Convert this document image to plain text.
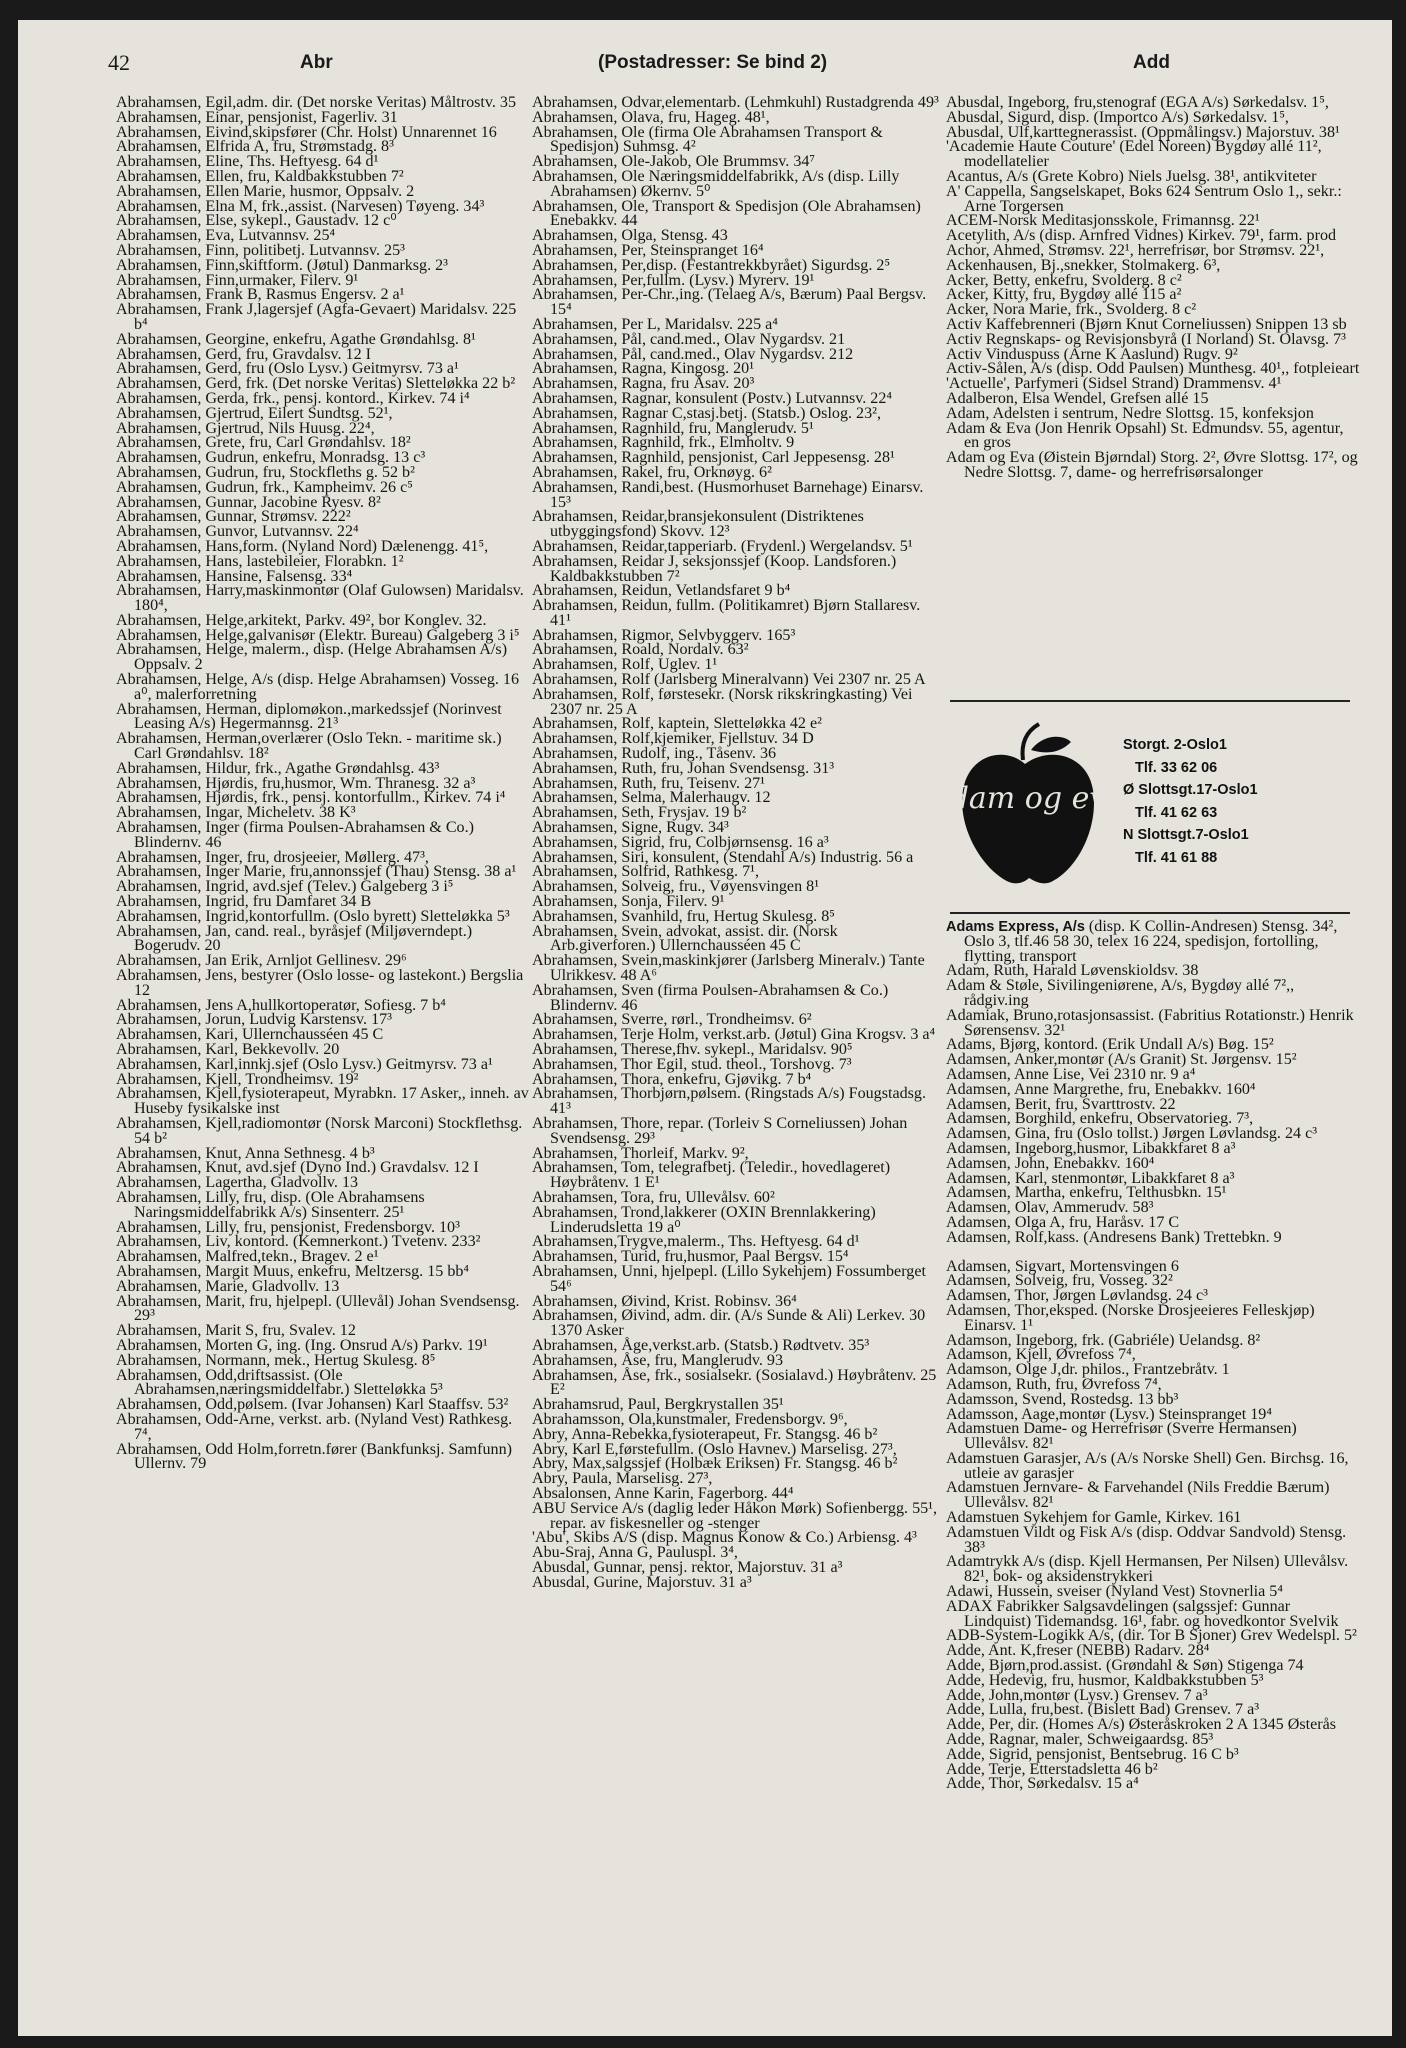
42	Abr	(Postadresser: Se bind 2)	Add

Abrahamsen, Egil,adm. dir. (Det norske Veritas) Måltrostv. 35

Abrahamsen, Einar, pensjonist, Fagerliv. 31

Abrahamsen, Eivind,skipsfører (Chr. Holst) Unnarennet 16

Abrahamsen, Elfrida A, fru, Strømstadg. 8³

Abrahamsen, Eline, Ths. Heftyesg. 64 d¹

Abrahamsen, Ellen, fru, Kaldbakkstubben 7²

Abrahamsen, Ellen Marie, husmor, Oppsalv. 2

Abrahamsen, Elna M, frk.,assist. (Narvesen) Tøyeng. 34³

Abrahamsen, Else, sykepl., Gaustadv. 12 c⁰

Abrahamsen, Eva, Lutvannsv. 25⁴

Abrahamsen, Finn, politibetj. Lutvannsv. 25³

Abrahamsen, Finn,skiftform. (Jøtul) Danmarksg. 2³

Abrahamsen, Finn,urmaker, Filerv. 9¹

Abrahamsen, Frank B, Rasmus Engersv. 2 a¹

Abrahamsen, Frank J,lagersjef (Agfa-Gevaert) Maridalsv. 225 b⁴

Abrahamsen, Georgine, enkefru, Agathe Grøndahlsg. 8¹

Abrahamsen, Gerd, fru, Gravdalsv. 12 I

Abrahamsen, Gerd, fru (Oslo Lysv.) Geitmyrsv. 73 a¹

Abrahamsen, Gerd, frk. (Det norske Veritas) Sletteløkka 22 b²

Abrahamsen, Gerda, frk., pensj. kontord., Kirkev. 74 i⁴

Abrahamsen, Gjertrud, Eilert Sundtsg. 52¹,

Abrahamsen, Gjertrud, Nils Huusg. 22⁴,

Abrahamsen, Grete, fru, Carl Grøndahlsv. 18²

Abrahamsen, Gudrun, enkefru, Monradsg. 13 c³

Abrahamsen, Gudrun, fru, Stockfleths g. 52 b²

Abrahamsen, Gudrun, frk., Kampheimv. 26 c⁵

Abrahamsen, Gunnar, Jacobine Ryesv. 8²

Abrahamsen, Gunnar, Strømsv. 222²

Abrahamsen, Gunvor, Lutvannsv. 22⁴

Abrahamsen, Hans,form. (Nyland Nord) Dælenengg. 41⁵,

Abrahamsen, Hans, lastebileier, Florabkn. 1²

Abrahamsen, Hansine, Falsensg. 33⁴

Abrahamsen, Harry,maskinmontør (Olaf Gulowsen) Maridalsv. 180⁴,

Abrahamsen, Helge,arkitekt, Parkv. 49², bor Konglev. 32.

Abrahamsen, Helge,galvanisør (Elektr. Bureau) Galgeberg 3 i⁵

Abrahamsen, Helge, malerm., disp. (Helge Abrahamsen A/s) Oppsalv. 2

Abrahamsen, Helge, A/s (disp. Helge Abrahamsen) Vosseg. 16 a⁰, malerforretning

Abrahamsen, Herman, diplomøkon.,markedssjef (Norinvest Leasing A/s) Hegermannsg. 21³

Abrahamsen, Herman,overlærer (Oslo Tekn. - maritime sk.) Carl Grøndahlsv. 18²

Abrahamsen, Hildur, frk., Agathe Grøndahlsg. 43³

Abrahamsen, Hjørdis, fru,husmor, Wm. Thranesg. 32 a³

Abrahamsen, Hjørdis, frk., pensj. kontorfullm., Kirkev. 74 i⁴

Abrahamsen, Ingar, Micheletv. 38 K³

Abrahamsen, Inger (firma Poulsen-Abrahamsen & Co.) Blindernv. 46

Abrahamsen, Inger, fru, drosjeeier, Møllerg. 47³,

Abrahamsen, Inger Marie, fru,annonssjef (Thau) Stensg. 38 a¹

Abrahamsen, Ingrid, avd.sjef (Telev.) Galgeberg 3 i⁵

Abrahamsen, Ingrid, fru Damfaret 34 B

Abrahamsen, Ingrid,kontorfullm. (Oslo byrett) Sletteløkka 5³

Abrahamsen, Jan, cand. real., byråsjef (Miljøverndept.) Bogerudv. 20

Abrahamsen, Jan Erik, Arnljot Gellinesv. 29⁶

Abrahamsen, Jens, bestyrer (Oslo losse- og lastekont.) Bergslia 12

Abrahamsen, Jens A,hullkortoperatør, Sofiesg. 7 b⁴

Abrahamsen, Jorun, Ludvig Karstensv. 17³

Abrahamsen, Kari, Ullernchausséen 45 C

Abrahamsen, Karl, Bekkevollv. 20

Abrahamsen, Karl,innkj.sjef (Oslo Lysv.) Geitmyrsv. 73 a¹

Abrahamsen, Kjell, Trondheimsv. 19²

Abrahamsen, Kjell,fysioterapeut, Myrabkn. 17 Asker,, inneh. av Huseby fysikalske inst

Abrahamsen, Kjell,radiomontør (Norsk Marconi) Stockflethsg. 54 b²

Abrahamsen, Knut, Anna Sethnesg. 4 b³

Abrahamsen, Knut, avd.sjef (Dyno Ind.) Gravdalsv. 12 I

Abrahamsen, Lagertha, Gladvollv. 13

Abrahamsen, Lilly, fru, disp. (Ole Abrahamsens Naringsmiddelfabrikk A/s) Sinsenterr. 25¹

Abrahamsen, Lilly, fru, pensjonist, Fredensborgv. 10³

Abrahamsen, Liv, kontord. (Kemnerkont.) Tvetenv. 233²

Abrahamsen, Malfred,tekn., Bragev. 2 e¹

Abrahamsen, Margit Muus, enkefru, Meltzersg. 15 bb⁴

Abrahamsen, Marie, Gladvollv. 13

Abrahamsen, Marit, fru, hjelpepl. (Ullevål) Johan Svendsensg. 29³

Abrahamsen, Marit S, fru, Svalev. 12

Abrahamsen, Morten G, ing. (Ing. Onsrud A/s) Parkv. 19¹

Abrahamsen, Normann, mek., Hertug Skulesg. 8⁵

Abrahamsen, Odd,driftsassist. (Ole Abrahamsen,næringsmiddelfabr.) Sletteløkka 5³

Abrahamsen, Odd,pølsem. (Ivar Johansen) Karl Staaffsv. 53²

Abrahamsen, Odd-Arne, verkst. arb. (Nyland Vest) Rathkesg. 7⁴,

Abrahamsen, Odd Holm,forretn.fører (Bankfunksj. Samfunn) Ullernv. 79

Abrahamsen, Odvar,elementarb. (Lehmkuhl) Rustadgrenda 49³

Abrahamsen, Olava, fru, Hageg. 48¹,

Abrahamsen, Ole (firma Ole Abrahamsen Transport & Spedisjon) Suhmsg. 4²

Abrahamsen, Ole-Jakob, Ole Brummsv. 34⁷

Abrahamsen, Ole Næringsmiddelfabrikk, A/s (disp. Lilly Abrahamsen) Økernv. 5⁰

Abrahamsen, Ole, Transport & Spedisjon (Ole Abrahamsen) Enebakkv. 44

Abrahamsen, Olga, Stensg. 43

Abrahamsen, Per, Steinspranget 16⁴

Abrahamsen, Per,disp. (Festantrekkbyrået) Sigurdsg. 2⁵

Abrahamsen, Per,fullm. (Lysv.) Myrerv. 19¹

Abrahamsen, Per-Chr.,ing. (Telaeg A/s, Bærum) Paal Bergsv. 15⁴

Abrahamsen, Per L, Maridalsv. 225 a⁴

Abrahamsen, Pål, cand.med., Olav Nygardsv. 21

Abrahamsen, Pål, cand.med., Olav Nygardsv. 212

Abrahamsen, Ragna, Kingosg. 20¹

Abrahamsen, Ragna, fru Åsav. 20³

Abrahamsen, Ragnar, konsulent (Postv.) Lutvannsv. 22⁴

Abrahamsen, Ragnar C,stasj.betj. (Statsb.) Oslog. 23²,

Abrahamsen, Ragnhild, fru, Manglerudv. 5¹

Abrahamsen, Ragnhild, frk., Elmholtv. 9

Abrahamsen, Ragnhild, pensjonist, Carl Jeppesensg. 28¹

Abrahamsen, Rakel, fru, Orknøyg. 6²

Abrahamsen, Randi,best. (Husmorhuset Barnehage) Einarsv. 15³

Abrahamsen, Reidar,bransjekonsulent (Distriktenes utbyggingsfond) Skovv. 12³

Abrahamsen, Reidar,tapperiarb. (Frydenl.) Wergelandsv. 5¹

Abrahamsen, Reidar J, seksjonssjef (Koop. Landsforen.) Kaldbakkstubben 7²

Abrahamsen, Reidun, Vetlandsfaret 9 b⁴

Abrahamsen, Reidun, fullm. (Politikamret) Bjørn Stallaresv. 41¹

Abrahamsen, Rigmor, Selvbyggerv. 165³

Abrahamsen, Roald, Nordalv. 63²

Abrahamsen, Rolf, Uglev. 1¹

Abrahamsen, Rolf (Jarlsberg Mineralvann) Vei 2307 nr. 25 A

Abrahamsen, Rolf, førstesekr. (Norsk rikskringkasting) Vei 2307 nr. 25 A

Abrahamsen, Rolf, kaptein, Sletteløkka 42 e²

Abrahamsen, Rolf,kjemiker, Fjellstuv. 34 D

Abrahamsen, Rudolf, ing., Tåsenv. 36

Abrahamsen, Ruth, fru, Johan Svendsensg. 31³

Abrahamsen, Ruth, fru, Teisenv. 27¹

Abrahamsen, Selma, Malerhaugv. 12

Abrahamsen, Seth, Frysjav. 19 b²

Abrahamsen, Signe, Rugv. 34³

Abrahamsen, Sigrid, fru, Colbjørnsensg. 16 a³

Abrahamsen, Siri, konsulent, (Stendahl A/s) Industrig. 56 a

Abrahamsen, Solfrid, Rathkesg. 7¹,

Abrahamsen, Solveig, fru., Vøyensvingen 8¹

Abrahamsen, Sonja, Filerv. 9¹

Abrahamsen, Svanhild, fru, Hertug Skulesg. 8⁵

Abrahamsen, Svein, advokat, assist. dir. (Norsk Arb.giverforen.) Ullernchausséen 45 C

Abrahamsen, Svein,maskinkjører (Jarlsberg Mineralv.) Tante Ulrikkesv. 48 A⁶

Abrahamsen, Sven (firma Poulsen-Abrahamsen & Co.) Blindernv. 46

Abrahamsen, Sverre, rørl., Trondheimsv. 6²

Abrahamsen, Terje Holm, verkst.arb. (Jøtul) Gina Krogsv. 3 a⁴

Abrahamsen, Therese,fhv. sykepl., Maridalsv. 90⁵

Abrahamsen, Thor Egil, stud. theol., Torshovg. 7³

Abrahamsen, Thora, enkefru, Gjøvikg. 7 b⁴

Abrahamsen, Thorbjørn,pølsem. (Ringstads A/s) Fougstadsg. 41³

Abrahamsen, Thore, repar. (Torleiv S Corneliussen) Johan Svendsensg. 29³

Abrahamsen, Thorleif, Markv. 9²,

Abrahamsen, Tom, telegrafbetj. (Teledir., hovedlageret) Høybråtenv. 1 E¹

Abrahamsen, Tora, fru, Ullevålsv. 60²

Abrahamsen, Trond,lakkerer (OXIN Brennlakkering) Linderudsletta 19 a⁰

Abrahamsen,Trygve,malerm., Ths. Heftyesg. 64 d¹

Abrahamsen, Turid, fru,husmor, Paal Bergsv. 15⁴

Abrahamsen, Unni, hjelpepl. (Lillo Sykehjem) Fossumberget 54⁶

Abrahamsen, Øivind, Krist. Robinsv. 36⁴

Abrahamsen, Øivind, adm. dir. (A/s Sunde & Ali) Lerkev. 30 1370 Asker

Abrahamsen, Åge,verkst.arb. (Statsb.) Rødtvetv. 35³

Abrahamsen, Åse, fru, Manglerudv. 93

Abrahamsen, Åse, frk., sosialsekr. (Sosialavd.) Høybråtenv. 25 E²

Abrahamsrud, Paul, Bergkrystallen 35¹

Abrahamsson, Ola,kunstmaler, Fredensborgv. 9⁶,

Abry, Anna-Rebekka,fysioterapeut, Fr. Stangsg. 46 b²

Abry, Karl E,førstefullm. (Oslo Havnev.) Marselisg. 27³,

Abry, Max,salgssjef (Holbæk Eriksen) Fr. Stangsg. 46 b²

Abry, Paula, Marselisg. 27³,

Absalonsen, Anne Karin, Fagerborg. 44⁴

ABU Service A/s (daglig leder Håkon Mørk) Sofienbergg. 55¹, repar. av fiskesneller og -stenger

'Abu', Skibs A/S (disp. Magnus Konow & Co.) Arbiensg. 4³

Abu-Sraj, Anna G, Pauluspl. 3⁴,

Abusdal, Gunnar, pensj. rektor, Majorstuv. 31 a³

Abusdal, Gurine, Majorstuv. 31 a³

Abusdal, Ingeborg, fru,stenograf (EGA A/s) Sørkedalsv. 1⁵,

Abusdal, Sigurd, disp. (Importco A/s) Sørkedalsv. 1⁵,

Abusdal, Ulf,karttegnerassist. (Oppmålingsv.) Majorstuv. 38¹

'Academie Haute Couture' (Edel Noreen) Bygdøy allé 11², modellatelier

Acantus, A/s (Grete Kobro) Niels Juelsg. 38¹, antikviteter

A' Cappella, Sangselskapet, Boks 624 Sentrum Oslo 1,, sekr.: Arne Torgersen

ACEM-Norsk Meditasjonsskole, Frimannsg. 22¹

Acetylith, A/s (disp. Arnfred Vidnes) Kirkev. 79¹, farm. prod

Achor, Ahmed, Strømsv. 22¹, herrefrisør, bor Strømsv. 22¹,

Ackenhausen, Bj.,snekker, Stolmakerg. 6³,

Acker, Betty, enkefru, Svolderg. 8 c²

Acker, Kitty, fru, Bygdøy allé 115 a²

Acker, Nora Marie, frk., Svolderg. 8 c²

Activ Kaffebrenneri (Bjørn Knut Corneliussen) Snippen 13 sb

Activ Regnskaps- og Revisjonsbyrå (I Norland) St. Olavsg. 7³

Activ Vinduspuss (Arne K Aaslund) Rugv. 9²

Activ-Sålen, A/s (disp. Odd Paulsen) Munthesg. 40¹,, fotpleieart

'Actuelle', Parfymeri (Sidsel Strand) Drammensv. 4¹

Adalberon, Elsa Wendel, Grefsen allé 15

Adam, Adelsten i sentrum, Nedre Slottsg. 15, konfeksjon

Adam & Eva (Jon Henrik Opsahl) St. Edmundsv. 55, agentur, en gros

Adam og Eva (Øistein Bjørndal) Storg. 2², Øvre Slottsg. 17², og Nedre Slottsg. 7, dame- og herrefrisørsalonger

adam og eva
Storgt. 2-Oslo1
Tlf. 33 62 06
Ø Slottsgt.17-Oslo1
Tlf. 41 62 63
N Slottsgt.7-Oslo1
Tlf. 41 61 88

Adams Express, A/s (disp. K Collin-Andresen) Stensg. 34², Oslo 3, tlf.46 58 30, telex 16 224, spedisjon, fortolling, flytting, transport

Adam, Ruth, Harald Løvenskioldsv. 38

Adam & Støle, Sivilingeniørene, A/s, Bygdøy allé 7²,, rådgiv.ing

Adamiak, Bruno,rotasjonsassist. (Fabritius Rotationstr.) Henrik Sørensensv. 32¹

Adams, Bjørg, kontord. (Erik Undall A/s) Bøg. 15²

Adamsen, Anker,montør (A/s Granit) St. Jørgensv. 15²

Adamsen, Anne Lise, Vei 2310 nr. 9 a⁴

Adamsen, Anne Margrethe, fru, Enebakkv. 160⁴

Adamsen, Berit, fru, Svarttrostv. 22

Adamsen, Borghild, enkefru, Observatorieg. 7³,

Adamsen, Gina, fru (Oslo tollst.) Jørgen Løvlandsg. 24 c³

Adamsen, Ingeborg,husmor, Libakkfaret 8 a³

Adamsen, John, Enebakkv. 160⁴

Adamsen, Karl, stenmontør, Libakkfaret 8 a³

Adamsen, Martha, enkefru, Telthusbkn. 15¹

Adamsen, Olav, Ammerudv. 58³

Adamsen, Olga A, fru, Haråsv. 17 C

Adamsen, Rolf,kass. (Andresens Bank) Trettebkn. 9

Adamsen, Sigvart, Mortensvingen 6

Adamsen, Solveig, fru, Vosseg. 32²

Adamsen, Thor, Jørgen Løvlandsg. 24 c³

Adamsen, Thor,eksped. (Norske Drosjeeieres Felleskjøp) Einarsv. 1¹

Adamson, Ingeborg, frk. (Gabriéle) Uelandsg. 8²

Adamson, Kjell, Øvrefoss 7⁴,

Adamson, Olge J,dr. philos., Frantzebråtv. 1

Adamson, Ruth, fru, Øvrefoss 7⁴,

Adamsson, Svend, Rostedsg. 13 bb³

Adamsson, Aage,montør (Lysv.) Steinspranget 19⁴

Adamstuen Dame- og Herrefrisør (Sverre Hermansen) Ullevålsv. 82¹

Adamstuen Garasjer, A/s (A/s Norske Shell) Gen. Birchsg. 16, utleie av garasjer

Adamstuen Jernvare- & Farvehandel (Nils Freddie Bærum) Ullevålsv. 82¹

Adamstuen Sykehjem for Gamle, Kirkev. 161

Adamstuen Vildt og Fisk A/s (disp. Oddvar Sandvold) Stensg. 38³

Adamtrykk A/s (disp. Kjell Hermansen, Per Nilsen) Ullevålsv. 82¹, bok- og aksidenstrykkeri

Adawi, Hussein, sveiser (Nyland Vest) Stovnerlia 5⁴

ADAX Fabrikker Salgsavdelingen (salgssjef: Gunnar Lindquist) Tidemandsg. 16¹, fabr. og hovedkontor Svelvik

ADB-System-Logikk A/s, (dir. Tor B Sjoner) Grev Wedelspl. 5²

Adde, Ant. K,freser (NEBB) Radarv. 28⁴

Adde, Bjørn,prod.assist. (Grøndahl & Søn) Stigenga 74

Adde, Hedevig, fru, husmor, Kaldbakkstubben 5³

Adde, John,montør (Lysv.) Grensev. 7 a³

Adde, Lulla, fru,best. (Bislett Bad) Grensev. 7 a³

Adde, Per, dir. (Homes A/s) Østeråskroken 2 A 1345 Østerås

Adde, Ragnar, maler, Schweigaardsg. 85³

Adde, Sigrid, pensjonist, Bentsebrug. 16 C b³

Adde, Terje, Etterstadsletta 46 b²

Adde, Thor, Sørkedalsv. 15 a⁴
